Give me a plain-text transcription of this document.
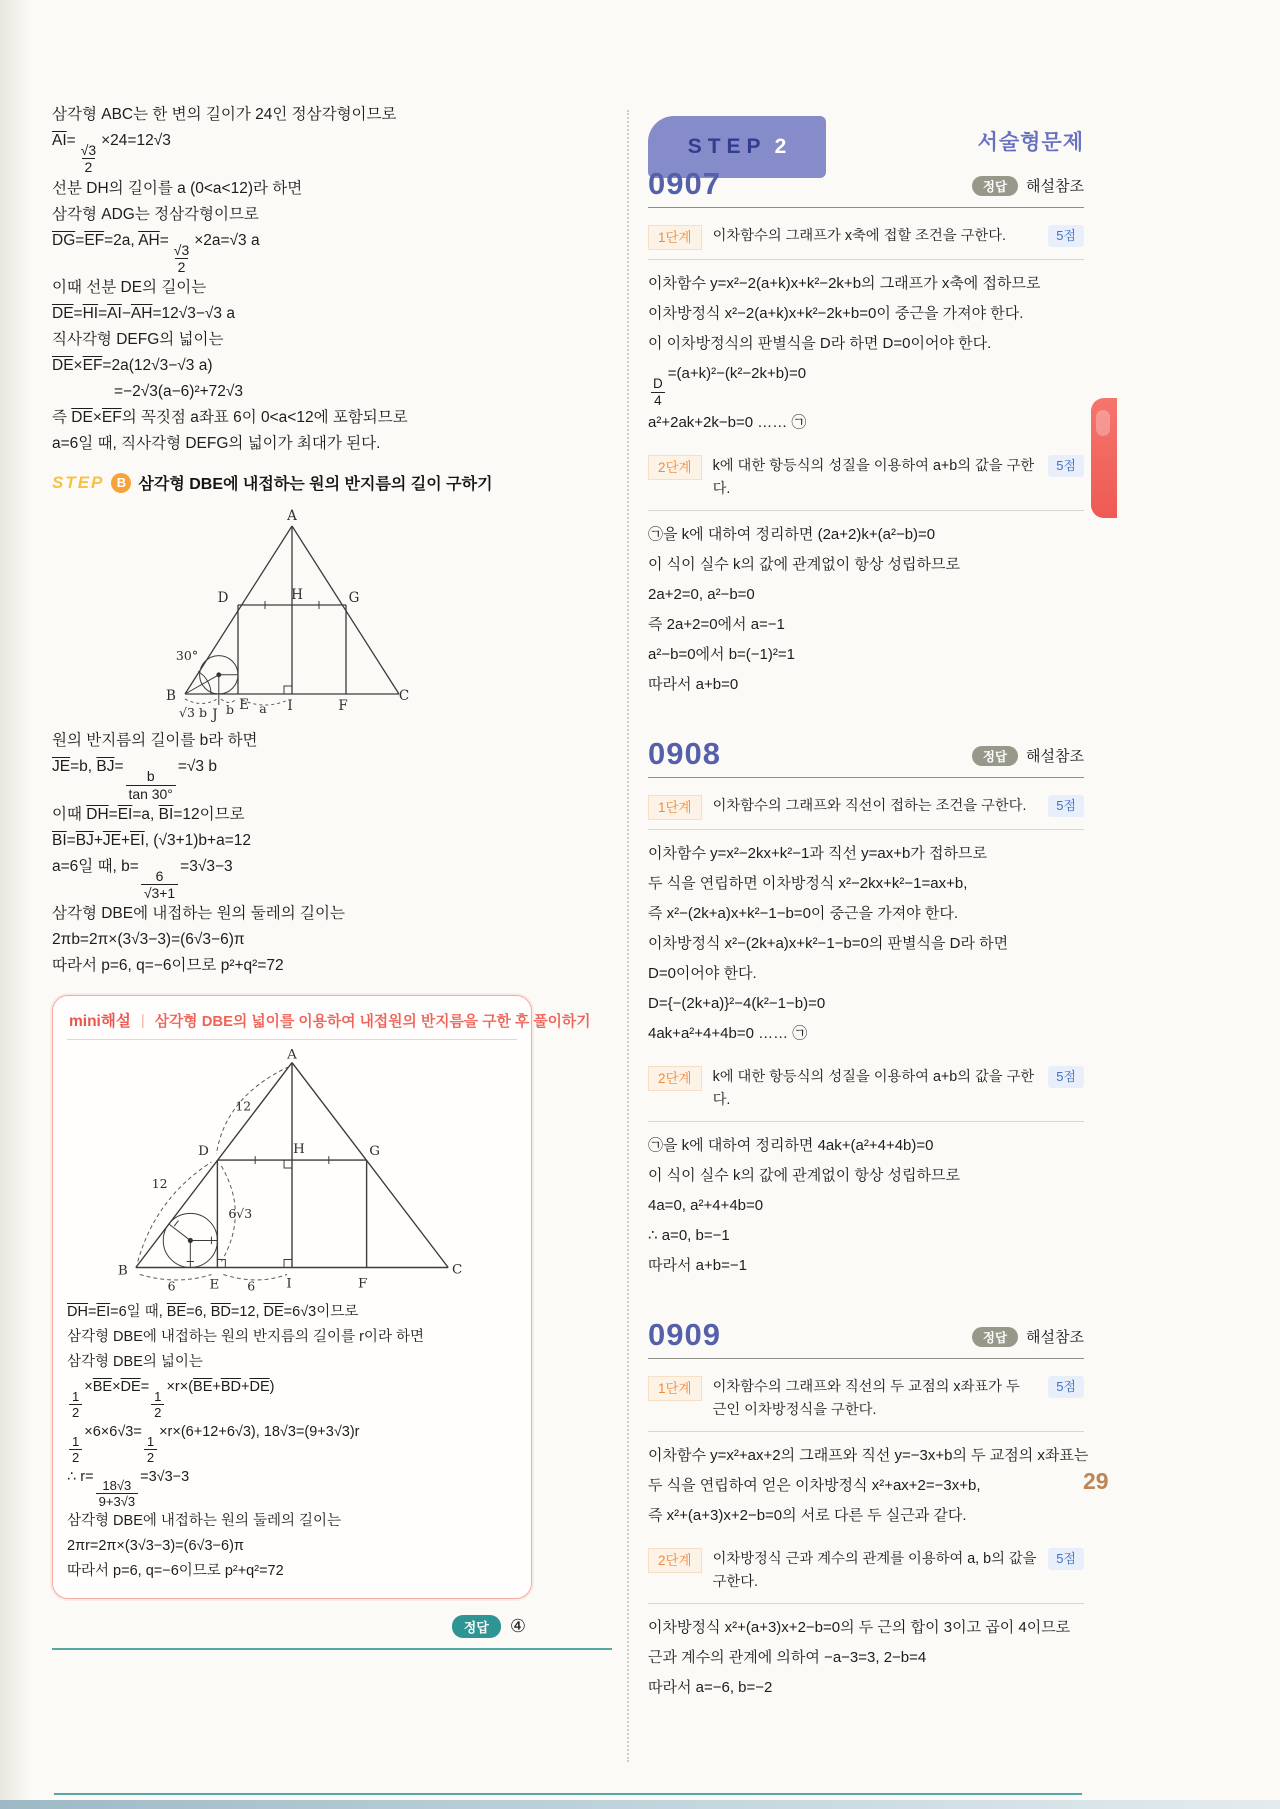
삼각형 ABC는 한 변의 길이가 24인 정삼각형이므로
$\overline{AI}=$
$\frac{√3}{2}$
×24=12√3
선분 DH의 길이를 a (0<a<12)라 하면
삼각형 ADG는 정삼각형이므로
$\overline{DG}=\overline{EF}=2a$, $\overline{AH}=$
$\frac{√3}{2}$
×2a=√3 a
이때 선분 DE의 길이는
$\overline{DE}=\overline{HI}=\overline{AI}-\overline{AH}=12√3-√3$ a
직사각형 DEFG의 넓이는
$\overline{DE}\times\overline{EF}=2a(12√3-√3$ a)
    =−2√3(a−6)²+72√3
즉 $\overline{DE}\times\overline{EF}$의 꼭짓점 a좌표 6이 0<a<12에 포함되므로
a=6일 때, 직사각형 DEFG의 넓이가 최대가 된다.
STEP B 삼각형 DBE에 내접하는 원의 반지름의 길이 구하기
A
D	H	G
B	C
E	I	F
J
30°
√3 b b a
원의 반지름의 길이를 b라 하면
$\overline{JE}=b$, $\overline{BJ}=$
$\frac{b}{\tan 30^\circ}$
=√3 b
이때 $\overline{DH}=\overline{EI}=a$, $\overline{BI}=12$이므로
$\overline{BI}=\overline{BJ}+\overline{JE}+\overline{EI}$, (√3+1)b+a=12
a=6일 때, b=
$\frac{6}{√3+1}$
=3√3−3
삼각형 DBE에 내접하는 원의 둘레의 길이는
2πb=2π×(3√3−3)=(6√3−6)π
따라서 p=6, q=−6이므로 p²+q²=72
mini해설 | 삼각형 DBE의 넓이를 이용하여 내접원의 반지름을 구한 후 풀이하기
A
D	H	G
B	C
E	I	F
12
12
6√3
6	6
$\overline{DH}=\overline{EI}=6$일 때, $\overline{BE}=6$, $\overline{BD}=12$, $\overline{DE}=6√3$이므로
삼각형 DBE에 내접하는 원의 반지름의 길이를 r이라 하면
삼각형 DBE의 넓이는
$\frac{1}{2}$
$\times\overline{BE}\times\overline{DE}=$
$\frac{1}{2}$
$\times r\times(\overline{BE}+\overline{BD}+\overline{DE})$
$\frac{1}{2}$
×6×6√3=
$\frac{1}{2}$
×r×(6+12+6√3), 18√3=(9+3√3)r
∴ r=
$\frac{18√3}{9+3√3}$
=3√3−3
삼각형 DBE에 내접하는 원의 둘레의 길이는
2πr=2π×(3√3−3)=(6√3−6)π
따라서 p=6, q=−6이므로 p²+q²=72
정답	④
STEP 2	서술형문제
0907	정답	해설참조
1단계	이차함수의 그래프가 x축에 접할 조건을 구한다.	5점
이차함수 y=x²−2(a+k)x+k²−2k+b의 그래프가 x축에 접하므로
이차방정식 x²−2(a+k)x+k²−2k+b=0이 중근을 가져야 한다.
이 이차방정식의 판별식을 D라 하면 D=0이어야 한다.
$\frac{D}{4}$
=(a+k)²−(k²−2k+b)=0
a²+2ak+2k−b=0 …… ㉠
2단계	k에 대한 항등식의 성질을 이용하여 a+b의 값을 구한다.
5점
㉠을 k에 대하여 정리하면 (2a+2)k+(a²−b)=0
이 식이 실수 k의 값에 관계없이 항상 성립하므로
2a+2=0, a²−b=0
즉 2a+2=0에서 a=−1
a²−b=0에서 b=(−1)²=1
따라서 a+b=0
0908	정답	해설참조
1단계	이차함수의 그래프와 직선이 접하는 조건을 구한다.	5점
이차함수 y=x²−2kx+k²−1과 직선 y=ax+b가 접하므로
두 식을 연립하면 이차방정식 x²−2kx+k²−1=ax+b,
즉 x²−(2k+a)x+k²−1−b=0이 중근을 가져야 한다.
이차방정식 x²−(2k+a)x+k²−1−b=0의 판별식을 D라 하면
D=0이어야 한다.
D={−(2k+a)}²−4(k²−1−b)=0
4ak+a²+4+4b=0 …… ㉠
2단계	k에 대한 항등식의 성질을 이용하여 a+b의 값을 구한다.
5점
㉠을 k에 대하여 정리하면 4ak+(a²+4+4b)=0
이 식이 실수 k의 값에 관계없이 항상 성립하므로
4a=0, a²+4+4b=0
∴ a=0, b=−1
따라서 a+b=−1
0909	정답	해설참조
1단계	이차함수의 그래프와 직선의 두 교점의 x좌표가 두 근인 이차방정식을 구한다.
5점
이차함수 y=x²+ax+2의 그래프와 직선 y=−3x+b의 두 교점의 x좌표는
두 식을 연립하여 얻은 이차방정식 x²+ax+2=−3x+b,
즉 x²+(a+3)x+2−b=0의 서로 다른 두 실근과 같다.
2단계	이차방정식 근과 계수의 관계를 이용하여 a, b의 값을 구한다.
5점
이차방정식 x²+(a+3)x+2−b=0의 두 근의 합이 3이고 곱이 4이므로
근과 계수의 관계에 의하여 −a−3=3, 2−b=4
따라서 a=−6, b=−2
29
